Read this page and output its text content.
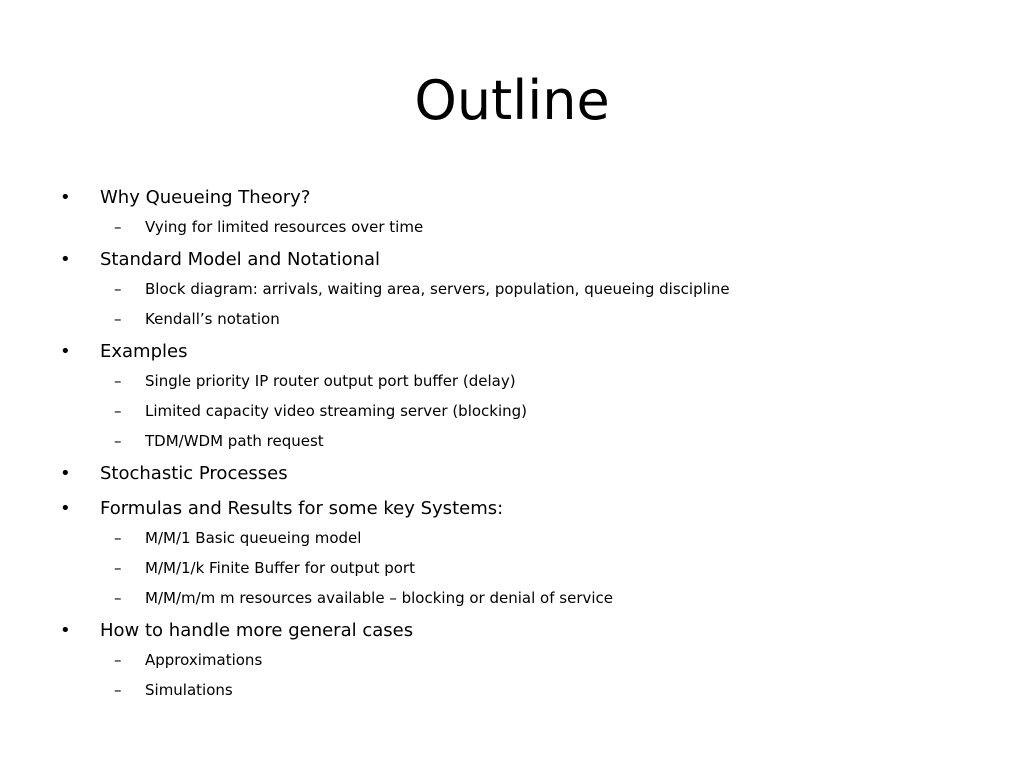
Outline
•	Why Queueing Theory?
– Vying for limited resources over time
•	Standard Model and Notational
– Block diagram: arrivals, waiting area, servers, population, queueing discipline
– Kendall’s notation
•	Examples
– Single priority IP router output port buffer (delay)
– Limited capacity video streaming server (blocking)
– TDM/WDM path request
•	Stochastic Processes
•	Formulas and Results for some key Systems:
– M/M/1 Basic queueing model
– M/M/1/k Finite Buffer for output port
– M/M/m/m m resources available – blocking or denial of service
•	How to handle more general cases
– Approximations
– Simulations
